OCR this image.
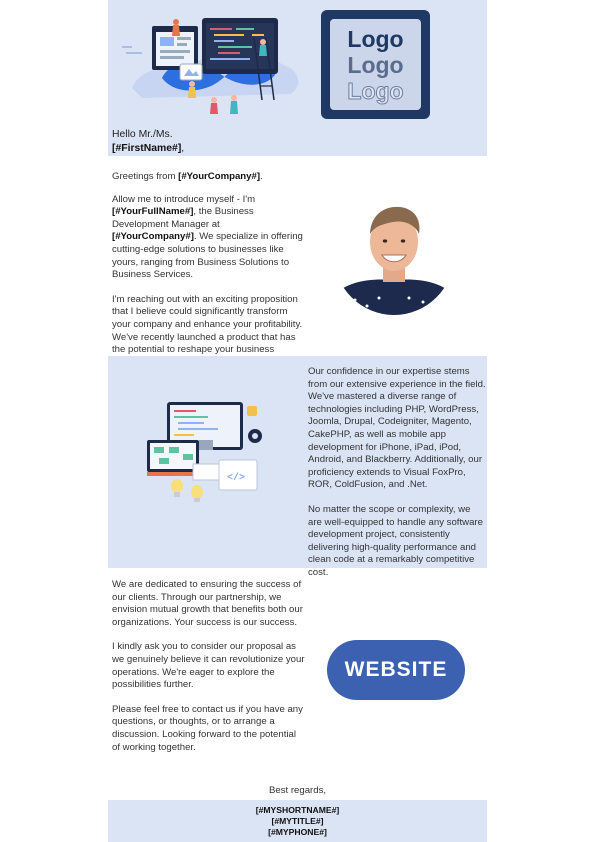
Logo
Logo
Logo

Hello Mr./Ms.

[#FirstName#],

Greetings from [#YourCompany#].

Allow me to introduce myself - I'm [#YourFullName#], the Business Development Manager at [#YourCompany#]. We specialize in offering cutting-edge solutions to businesses like yours, ranging from Business Solutions to Business Services.

I'm reaching out with an exciting proposition that I believe could significantly transform your company and enhance your profitability. We've recently launched a product that has the potential to reshape your business

</>

Our confidence in our expertise stems from our extensive experience in the field. We've mastered a diverse range of technologies including PHP, WordPress, Joomla, Drupal, Codeigniter, Magento, CakePHP, as well as mobile app development for iPhone, iPad, iPod, Android, and Blackberry. Additionally, our proficiency extends to Visual FoxPro, ROR, ColdFusion, and .Net.

No matter the scope or complexity, we are well-equipped to handle any software development project, consistently delivering high-quality performance and clean code at a remarkably competitive cost.

We are dedicated to ensuring the success of our clients. Through our partnership, we envision mutual growth that benefits both our organizations. Your success is our success.

I kindly ask you to consider our proposal as we genuinely believe it can revolutionize your operations. We're eager to explore the possibilities further.

Please feel free to contact us if you have any questions, or thoughts, or to arrange a discussion. Looking forward to the potential of working together.

WEBSITE
Best regards,
[#MYSHORTNAME#]
[#MYTITLE#]
[#MYPHONE#]
